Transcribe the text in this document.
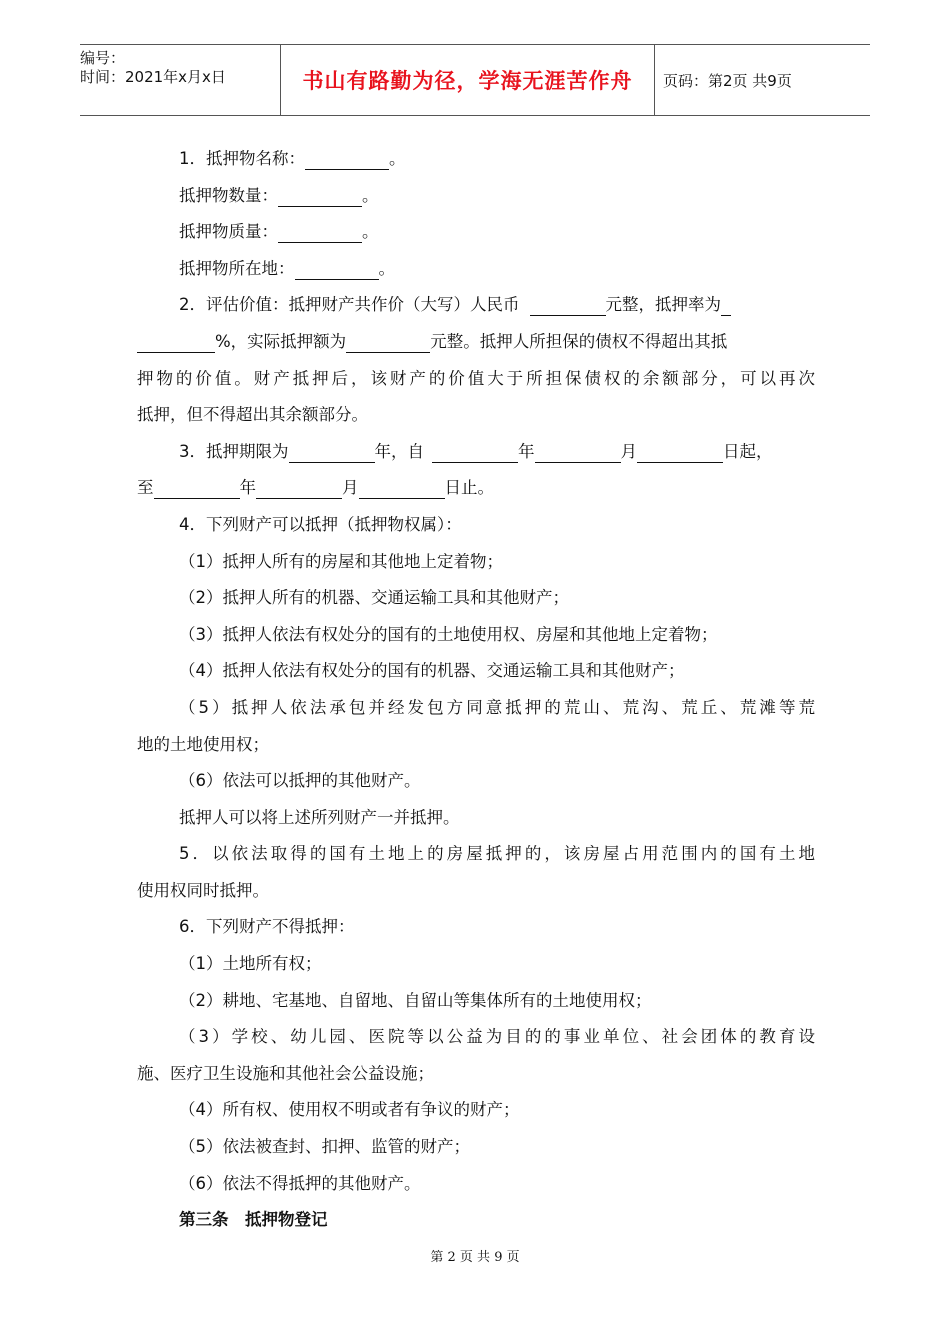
编号：
时间：2021年x月x日	书山有路勤为径，学海无涯苦作舟	页码：第2页 共9页
1．抵押物名称：	。
抵押物数量：	。
抵押物质量：	。
抵押物所在地：	。
2．评估价值：抵押财产共作价（大写）人民币	元整，抵押率为
%，实际抵押额为	元整。抵押人所担保的债权不得超出其抵
押物的价值。财产抵押后，该财产的价值大于所担保债权的余额部分，可以再次
抵押，但不得超出其余额部分。
3．抵押期限为	年，自	年	月	日起，
至	年	月	日止。
4．下列财产可以抵押（抵押物权属）：
（1）抵押人所有的房屋和其他地上定着物；
（2）抵押人所有的机器、交通运输工具和其他财产；
（3）抵押人依法有权处分的国有的土地使用权、房屋和其他地上定着物；
（4）抵押人依法有权处分的国有的机器、交通运输工具和其他财产；
（5）抵押人依法承包并经发包方同意抵押的荒山、荒沟、荒丘、荒滩等荒
地的土地使用权；
（6）依法可以抵押的其他财产。
抵押人可以将上述所列财产一并抵押。
5．以依法取得的国有土地上的房屋抵押的，该房屋占用范围内的国有土地
使用权同时抵押。
6．下列财产不得抵押：
（1）土地所有权；
（2）耕地、宅基地、自留地、自留山等集体所有的土地使用权；
（3）学校、幼儿园、医院等以公益为目的的事业单位、社会团体的教育设
施、医疗卫生设施和其他社会公益设施；
（4）所有权、使用权不明或者有争议的财产；
（5）依法被查封、扣押、监管的财产；
（6）依法不得抵押的其他财产。
第三条　抵押物登记
第 2 页 共 9 页
